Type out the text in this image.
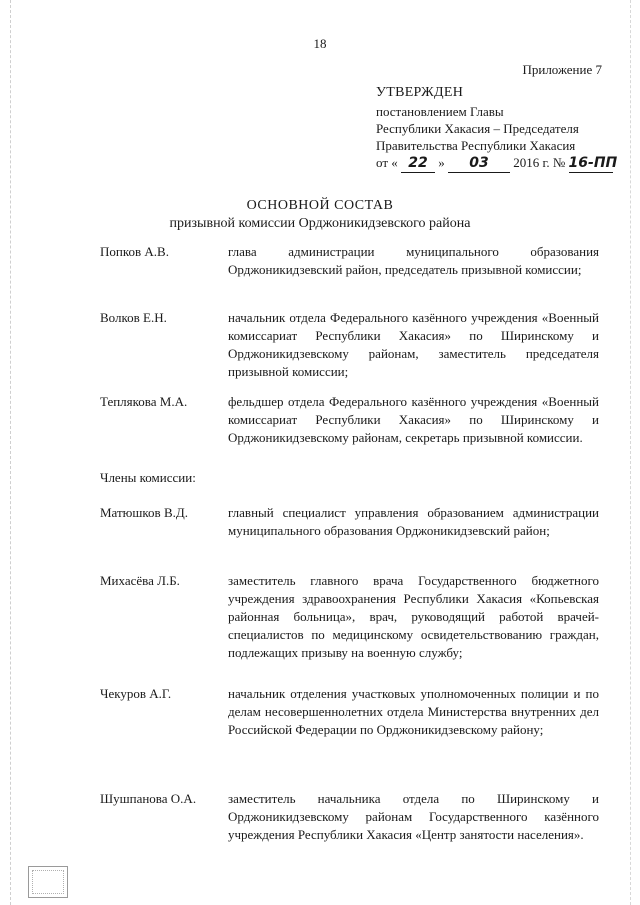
18
Приложение 7
УТВЕРЖДЕН
постановлением Главы
Республики Хакасия – Председателя
Правительства Республики Хакасия
от « 22 » 03 2016 г. № 16-ПП
ОСНОВНОЙ СОСТАВ
призывной комиссии Орджоникидзевского района
Попков А.В.	глава администрации муниципального образования Орджоникидзевский район, председатель призывной комиссии;
Волков Е.Н.	начальник отдела Федерального казённого учреждения «Военный комиссариат Республики Хакасия» по Ширинскому и Орджоникидзевскому районам, заместитель председателя призывной комиссии;
Теплякова М.А.	фельдшер отдела Федерального казённого учреждения «Военный комиссариат Республики Хакасия» по Ширинскому и Орджоникидзевскому районам, секретарь призывной комиссии.
Члены комиссии:
Матюшков В.Д.	главный специалист управления образованием администрации муниципального образования Орджоникидзевский район;
Михасёва Л.Б.	заместитель главного врача Государственного бюджетного учреждения здравоохранения Республики Хакасия «Копьевская районная больница», врач, руководящий работой врачей-специалистов по медицинскому освидетельствованию граждан, подлежащих призыву на военную службу;
Чекуров А.Г.	начальник отделения участковых уполномоченных полиции и по делам несовершеннолетних отдела Министерства внутренних дел Российской Федерации по Орджоникидзевскому району;
Шушпанова О.А.	заместитель начальника отдела по Ширинскому и Орджоникидзевскому районам Государственного казённого учреждения Республики Хакасия «Центр занятости населения».
